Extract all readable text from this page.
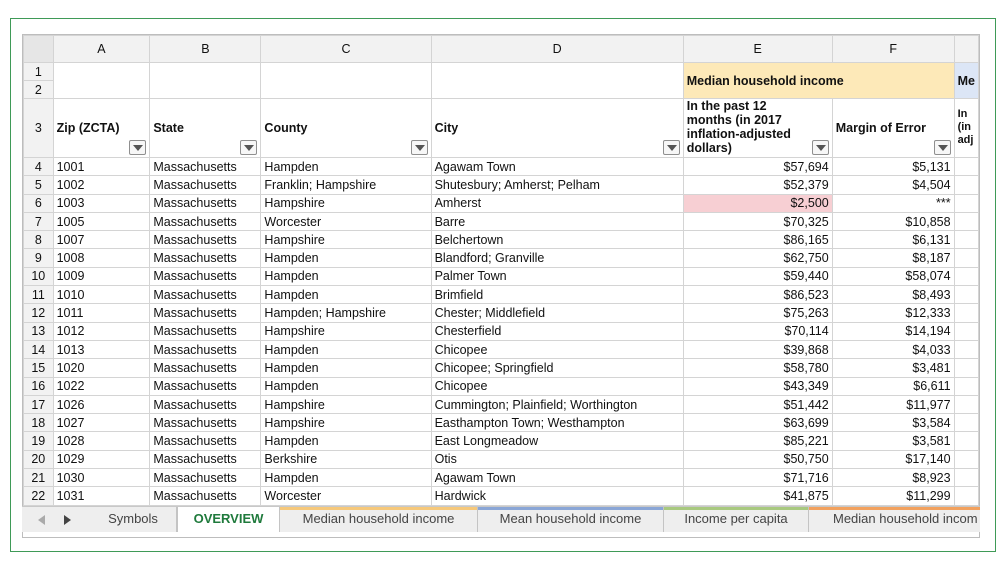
	A	B	C	D	E	F	
1					Median household income		Me
2							
3	Zip (ZCTA)	State	County	City	In the past 12 months (in 2017 inflation-adjusted dollars)	Margin of Error	In (in adj
4	1001	Massachusetts	Hampden	Agawam Town	$57,694	$5,131	
5	1002	Massachusetts	Franklin; Hampshire	Shutesbury; Amherst; Pelham	$52,379	$4,504	
6	1003	Massachusetts	Hampshire	Amherst	$2,500	***	
7	1005	Massachusetts	Worcester	Barre	$70,325	$10,858	
8	1007	Massachusetts	Hampshire	Belchertown	$86,165	$6,131	
9	1008	Massachusetts	Hampden	Blandford; Granville	$62,750	$8,187	
10	1009	Massachusetts	Hampden	Palmer Town	$59,440	$58,074	
11	1010	Massachusetts	Hampden	Brimfield	$86,523	$8,493	
12	1011	Massachusetts	Hampden; Hampshire	Chester; Middlefield	$75,263	$12,333	
13	1012	Massachusetts	Hampshire	Chesterfield	$70,114	$14,194	
14	1013	Massachusetts	Hampden	Chicopee	$39,868	$4,033	
15	1020	Massachusetts	Hampden	Chicopee; Springfield	$58,780	$3,481	
16	1022	Massachusetts	Hampden	Chicopee	$43,349	$6,611	
17	1026	Massachusetts	Hampshire	Cummington; Plainfield; Worthington	$51,442	$11,977	
18	1027	Massachusetts	Hampshire	Easthampton Town; Westhampton	$63,699	$3,584	
19	1028	Massachusetts	Hampden	East Longmeadow	$85,221	$3,581	
20	1029	Massachusetts	Berkshire	Otis	$50,750	$17,140	
21	1030	Massachusetts	Hampden	Agawam Town	$71,716	$8,923	
22	1031	Massachusetts	Worcester	Hardwick	$41,875	$11,299	
Symbols	OVERVIEW	Median household income	Mean household income	Income per capita	Median household incom
